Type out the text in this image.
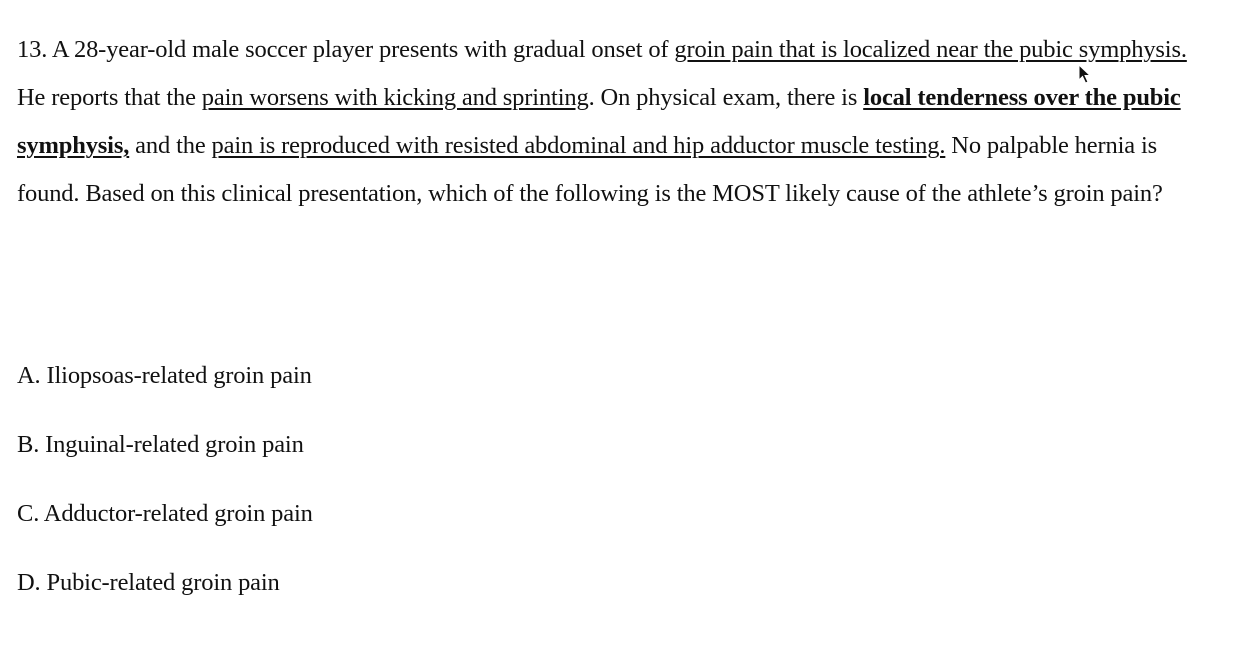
13. A 28-year-old male soccer player presents with gradual onset of groin pain that is localized near the pubic symphysis. He reports that the pain worsens with kicking and sprinting. On physical exam, there is local tenderness over the pubic symphysis, and the pain is reproduced with resisted abdominal and hip adductor muscle testing. No palpable hernia is found. Based on this clinical presentation, which of the following is the MOST likely cause of the athlete’s groin pain?
A. Iliopsoas-related groin pain
B. Inguinal-related groin pain
C. Adductor-related groin pain
D. Pubic-related groin pain
